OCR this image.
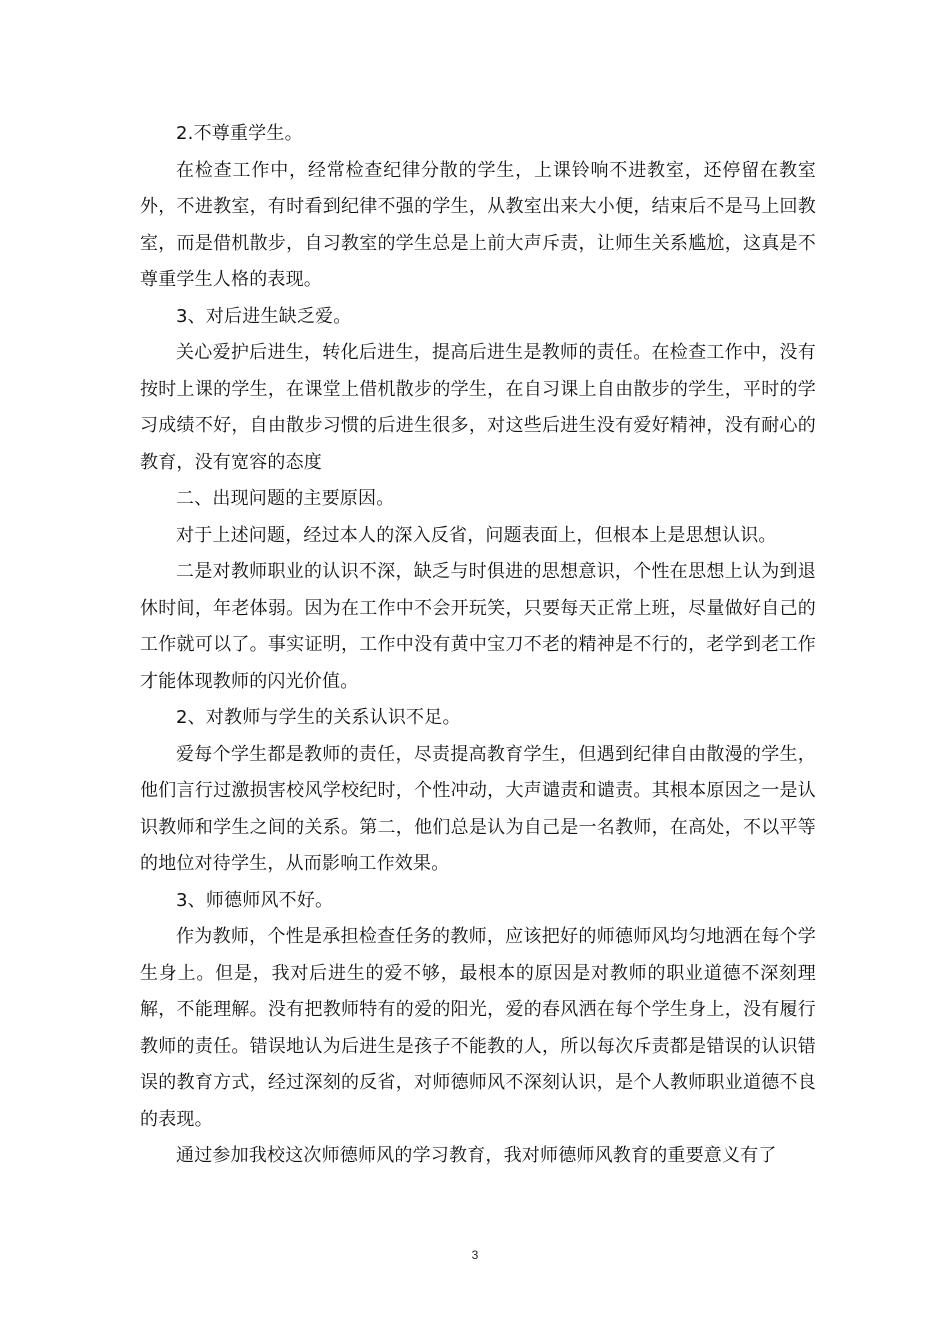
2.不尊重学生。

在检查工作中，经常检查纪律分散的学生，上课铃响不进教室，还停留在教室外，不进教室，有时看到纪律不强的学生，从教室出来大小便，结束后不是马上回教室，而是借机散步，自习教室的学生总是上前大声斥责，让师生关系尴尬，这真是不尊重学生人格的表现。

3、对后进生缺乏爱。

关心爱护后进生，转化后进生，提高后进生是教师的责任。在检查工作中，没有按时上课的学生，在课堂上借机散步的学生，在自习课上自由散步的学生，平时的学习成绩不好，自由散步习惯的后进生很多，对这些后进生没有爱好精神，没有耐心的教育，没有宽容的态度

二、出现问题的主要原因。

对于上述问题，经过本人的深入反省，问题表面上，但根本上是思想认识。

二是对教师职业的认识不深，缺乏与时俱进的思想意识，个性在思想上认为到退休时间，年老体弱。因为在工作中不会开玩笑，只要每天正常上班，尽量做好自己的工作就可以了。事实证明，工作中没有黄中宝刀不老的精神是不行的，老学到老工作才能体现教师的闪光价值。

2、对教师与学生的关系认识不足。

爱每个学生都是教师的责任，尽责提高教育学生，但遇到纪律自由散漫的学生，他们言行过激损害校风学校纪时，个性冲动，大声谴责和谴责。其根本原因之一是认识教师和学生之间的关系。第二，他们总是认为自己是一名教师，在高处，不以平等的地位对待学生，从而影响工作效果。

3、师德师风不好。

作为教师，个性是承担检查任务的教师，应该把好的师德师风均匀地洒在每个学生身上。但是，我对后进生的爱不够，最根本的原因是对教师的职业道德不深刻理解，不能理解。没有把教师特有的爱的阳光，爱的春风洒在每个学生身上，没有履行教师的责任。错误地认为后进生是孩子不能教的人，所以每次斥责都是错误的认识错误的教育方式，经过深刻的反省，对师德师风不深刻认识，是个人教师职业道德不良的表现。

通过参加我校这次师德师风的学习教育，我对师德师风教育的重要意义有了

3
